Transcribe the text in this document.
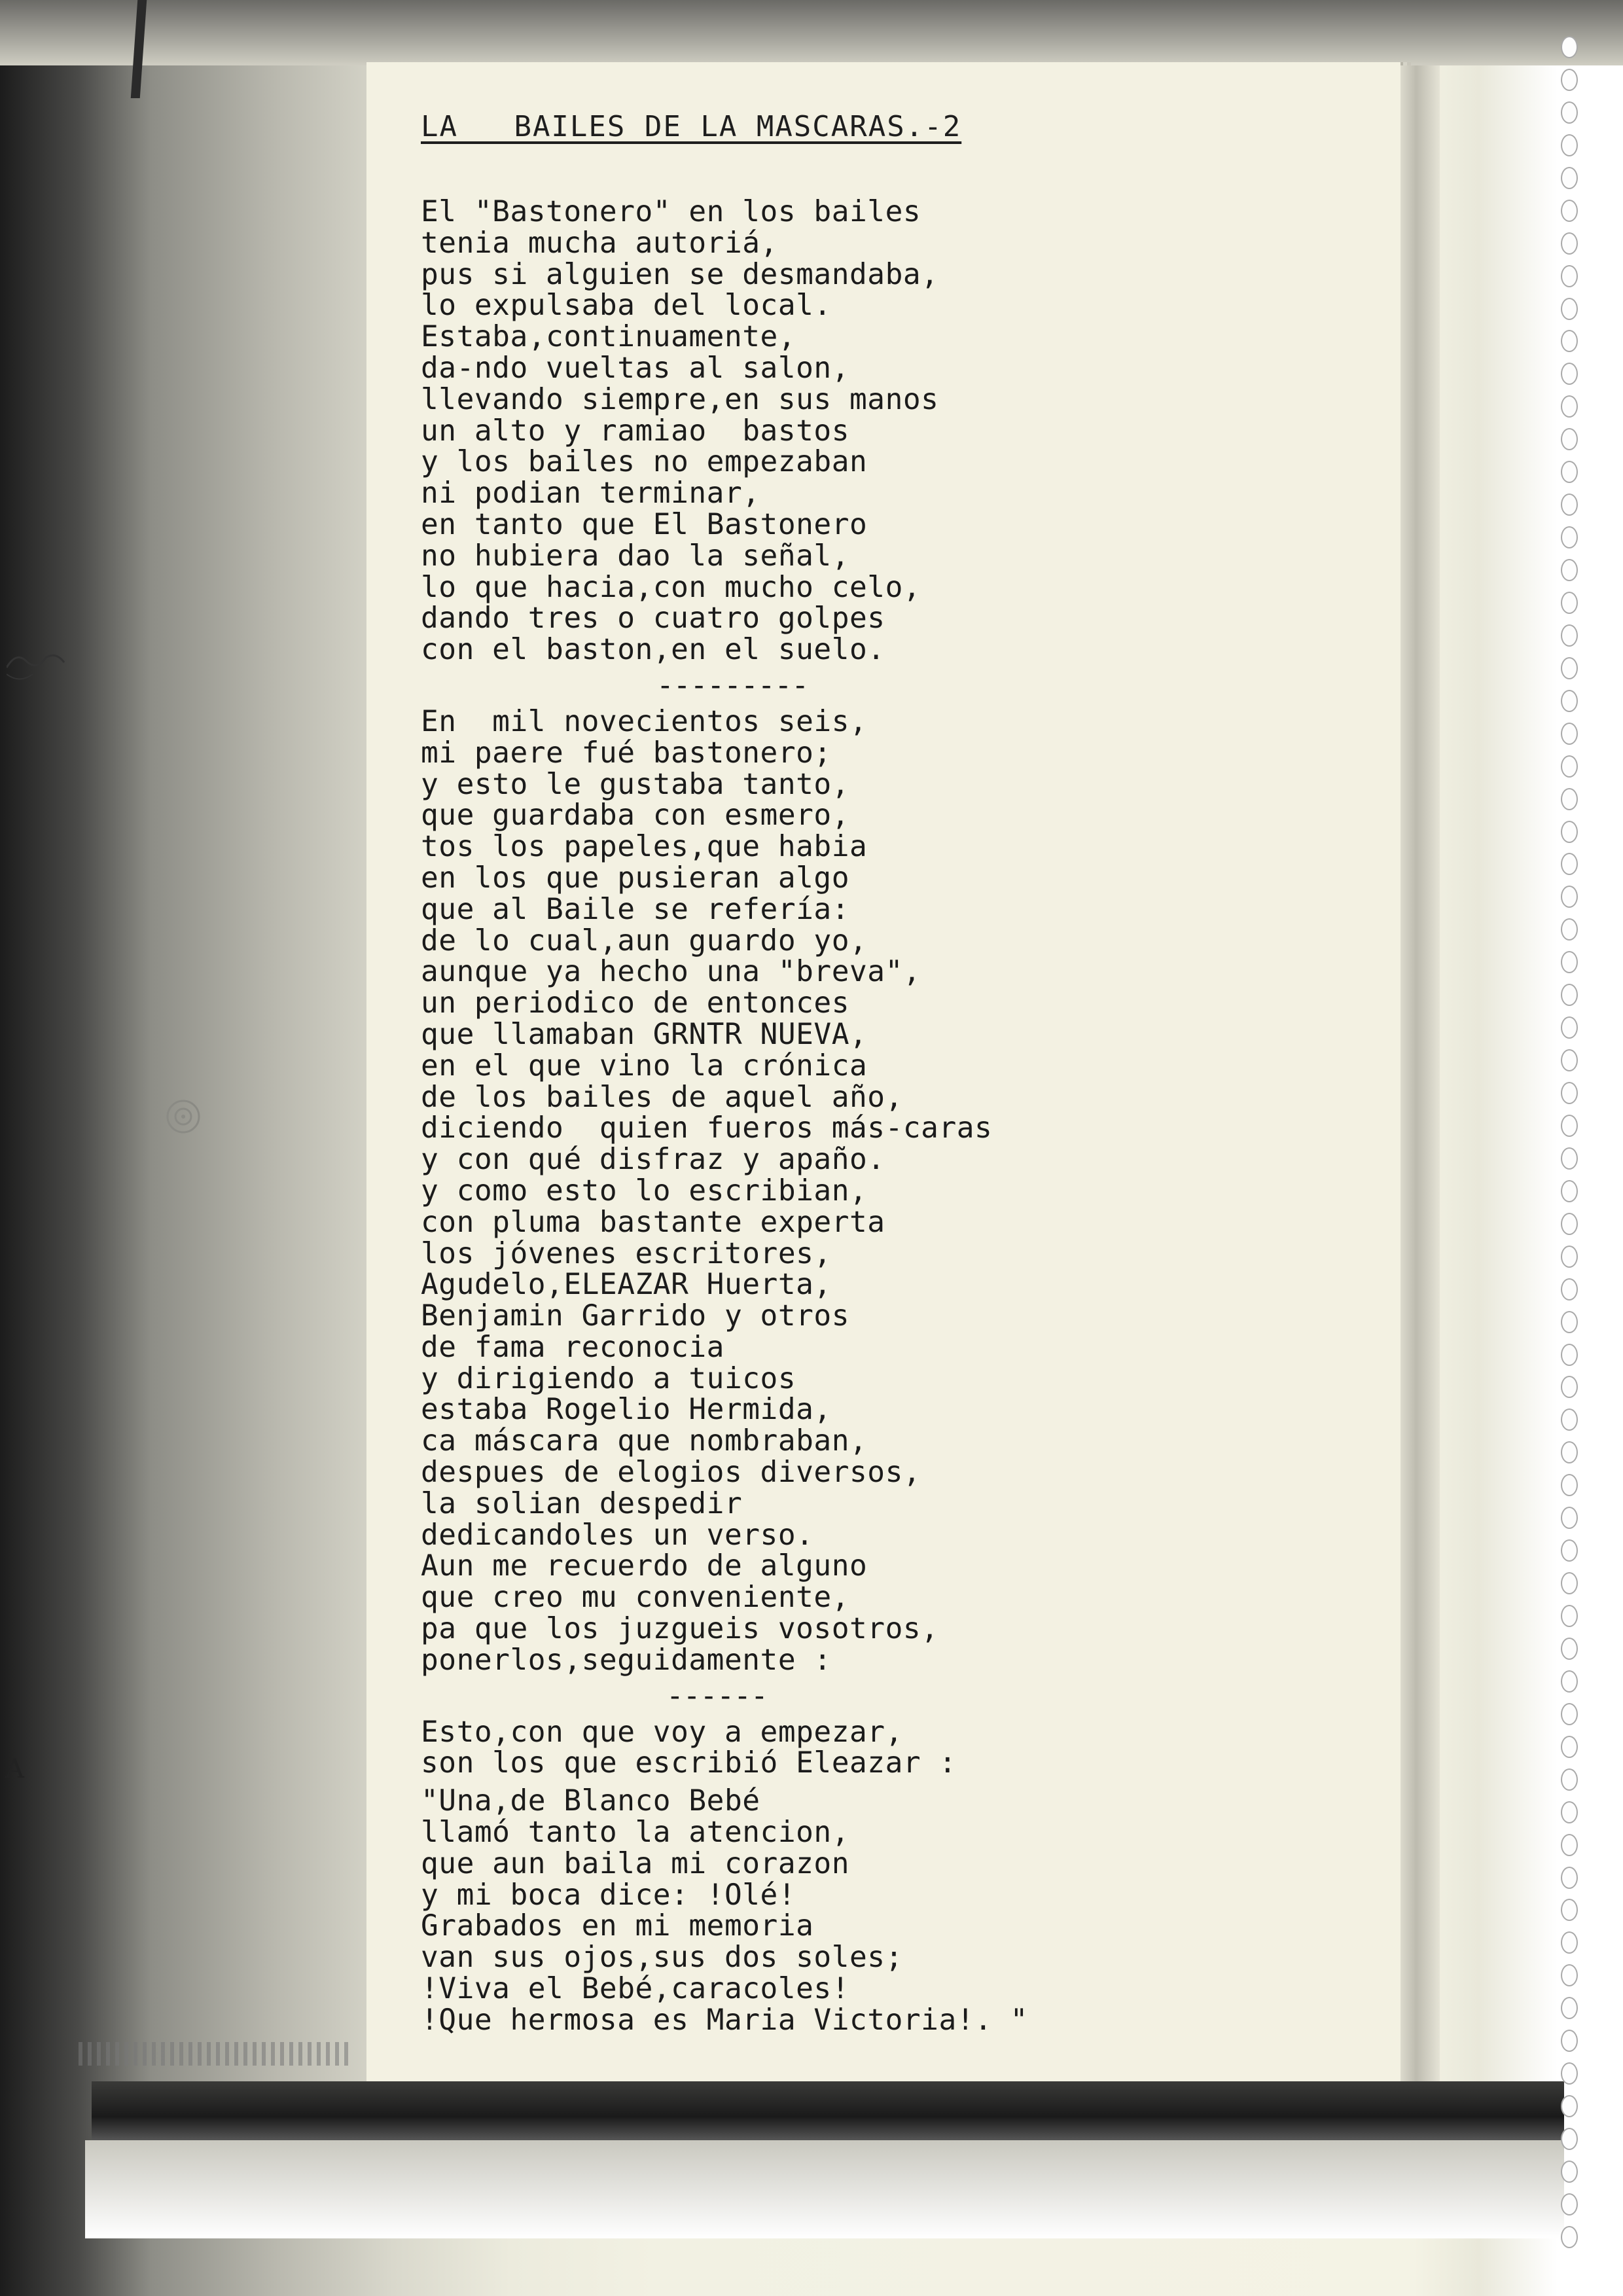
A
LA   BAILES DE LA MASCARAS.-2
El "Bastonero" en los bailes
tenia mucha autoriá,
pus si alguien se desmandaba,
lo expulsaba del local.
Estaba,continuamente,
da-ndo vueltas al salon,
llevando siempre,en sus manos
un alto y ramiao  bastos
y los bailes no empezaban
ni podian terminar,
en tanto que El Bastonero
no hubiera dao la señal,
lo que hacia,con mucho celo,
dando tres o cuatro golpes
con el baston,en el suelo.
---------
En  mil novecientos seis,
mi paere fué bastonero;
y esto le gustaba tanto,
que guardaba con esmero,
tos los papeles,que habia
en los que pusieran algo
que al Baile se refería:
de lo cual,aun guardo yo,
aunque ya hecho una "breva",
un periodico de entonces
que llamaban GRNTR NUEVA,
en el que vino la crónica
de los bailes de aquel año,
diciendo  quien fueros más-caras
y con qué disfraz y apaño.
y como esto lo escribian,
con pluma bastante experta
los jóvenes escritores,
Agudelo,ELEAZAR Huerta,
Benjamin Garrido y otros
de fama reconocia
y dirigiendo a tuicos
estaba Rogelio Hermida,
ca máscara que nombraban,
despues de elogios diversos,
la solian despedir
dedicandoles un verso.
Aun me recuerdo de alguno
que creo mu conveniente,
pa que los juzgueis vosotros,
ponerlos,seguidamente :
------
Esto,con que voy a empezar,
son los que escribió Eleazar :
"Una,de Blanco Bebé
llamó tanto la atencion,
que aun baila mi corazon
y mi boca dice: !Olé!
Grabados en mi memoria
van sus ojos,sus dos soles;
!Viva el Bebé,caracoles!
!Que hermosa es Maria Victoria!. "
